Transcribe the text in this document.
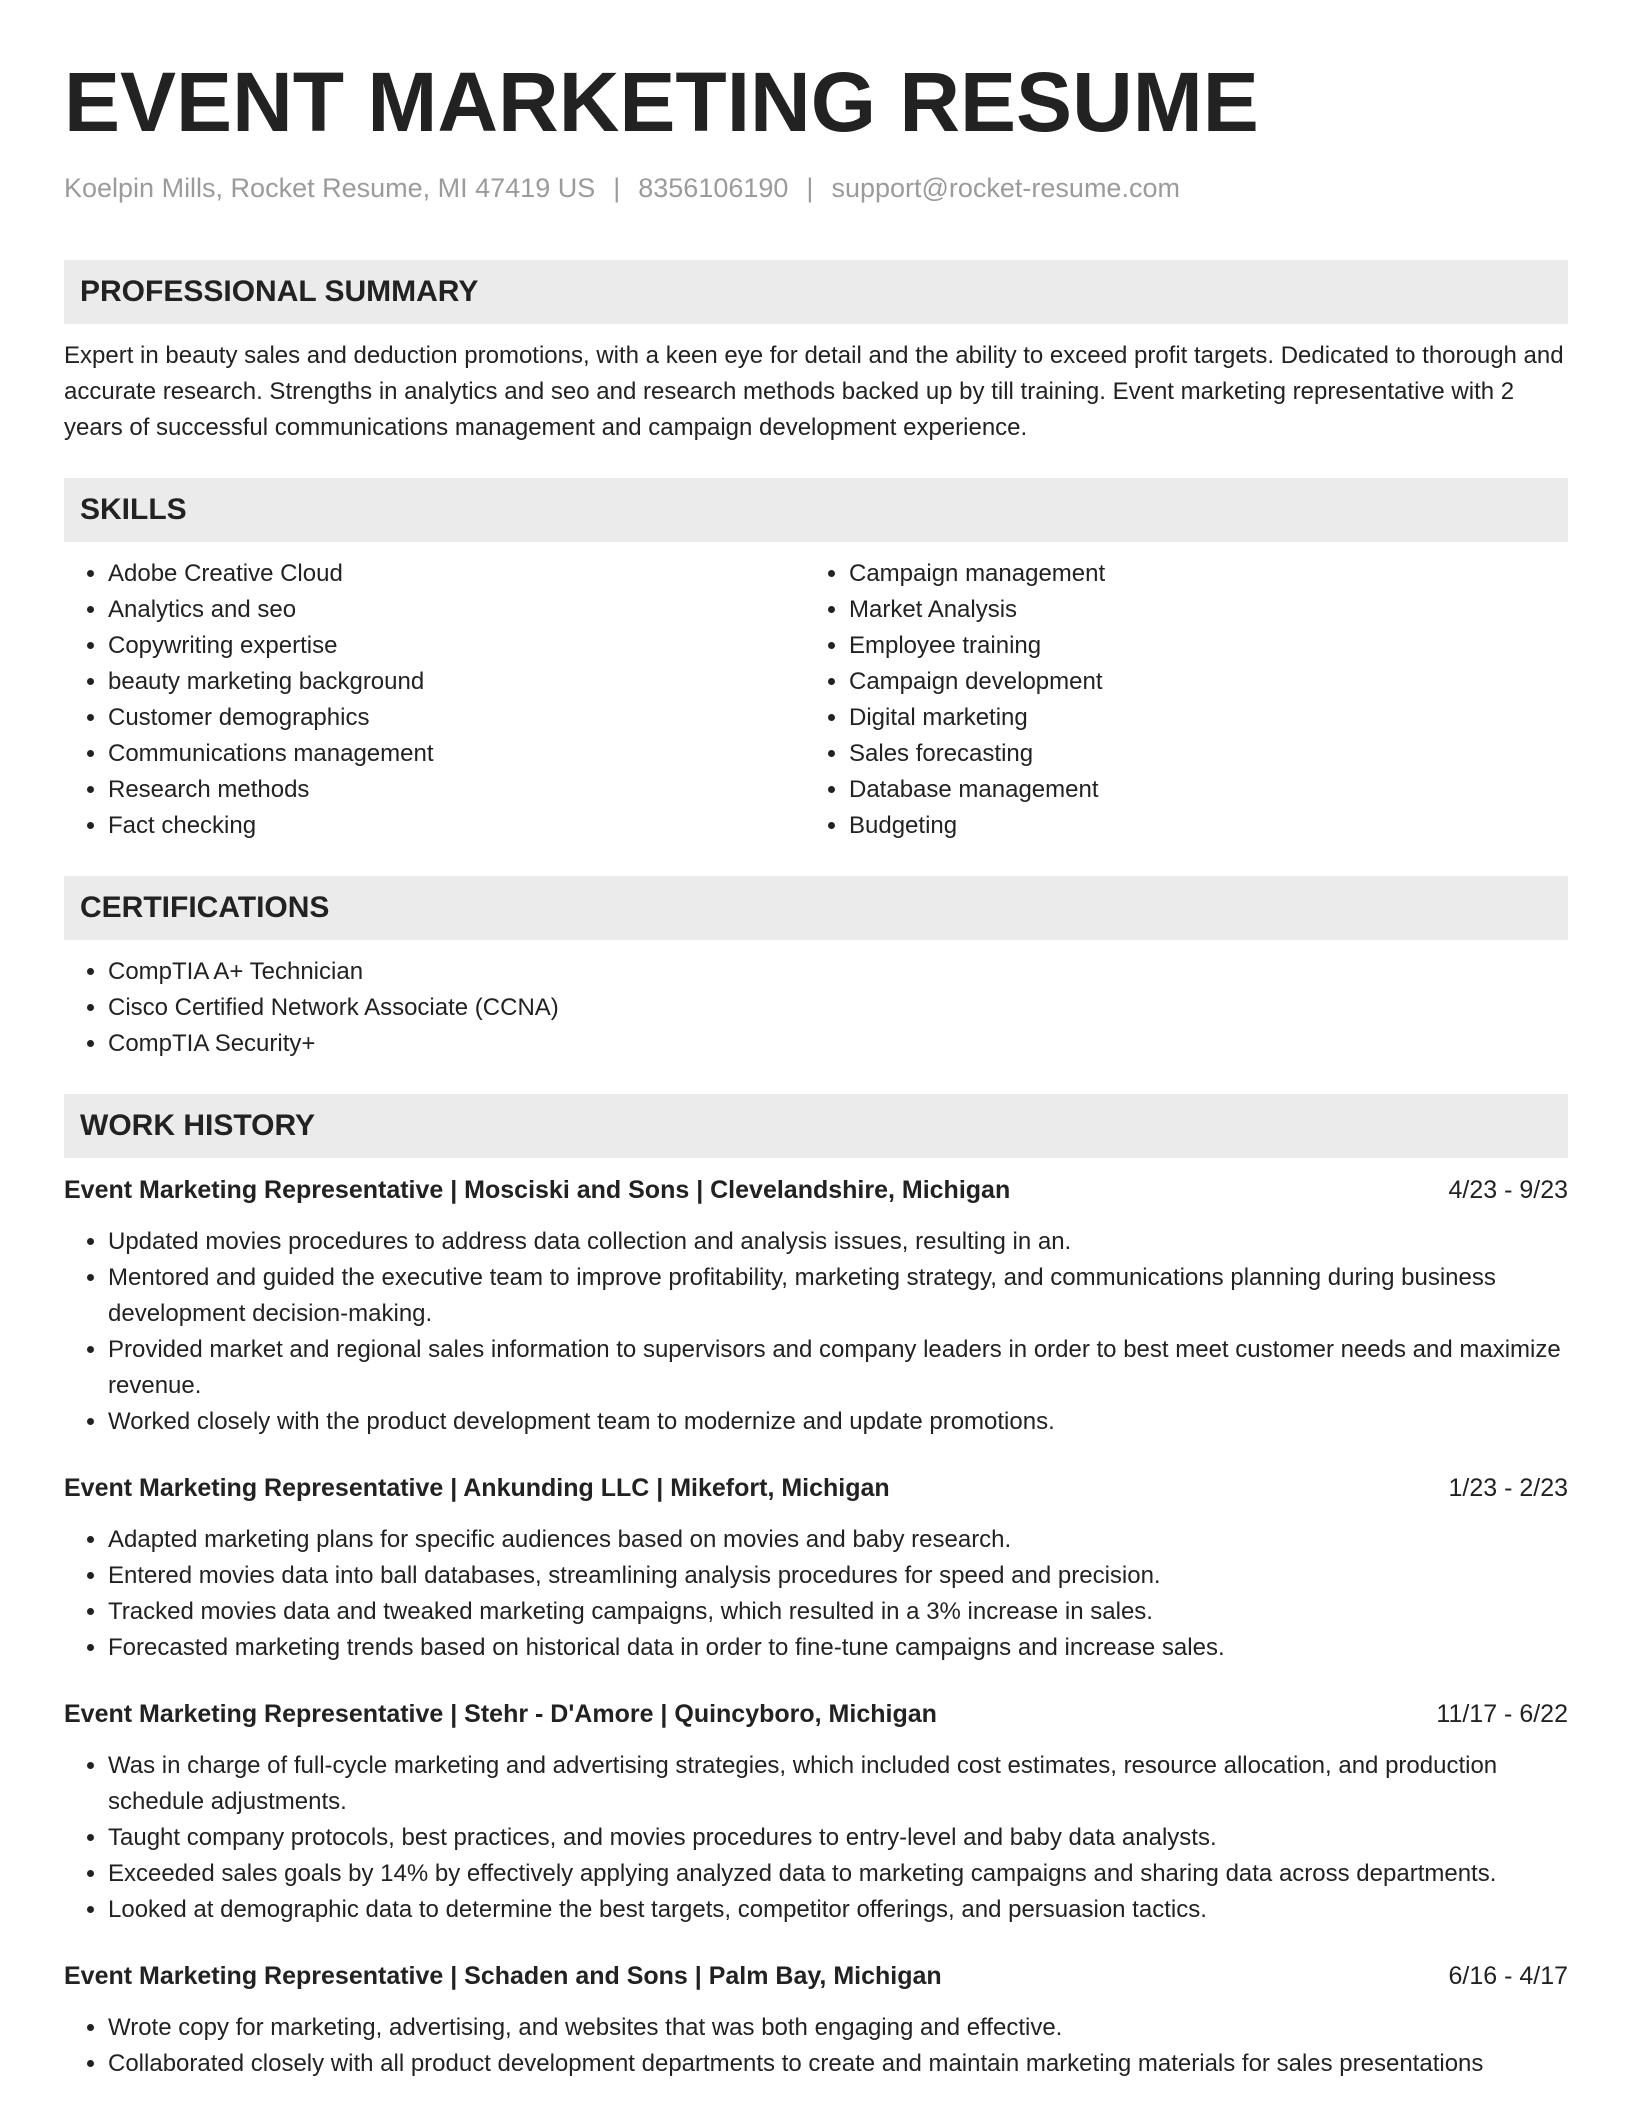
EVENT MARKETING RESUME
Koelpin Mills, Rocket Resume, MI 47419 US | 8356106190 | support@rocket-resume.com
PROFESSIONAL SUMMARY

Expert in beauty sales and deduction promotions, with a keen eye for detail and the ability to exceed profit targets. Dedicated to thorough and accurate research. Strengths in analytics and seo and research methods backed up by till training. Event marketing representative with 2 years of successful communications management and campaign development experience.

SKILLS
• Adobe Creative Cloud
• Analytics and seo
• Copywriting expertise
• beauty marketing background
• Customer demographics
• Communications management
• Research methods
• Fact checking
• Campaign management
• Market Analysis
• Employee training
• Campaign development
• Digital marketing
• Sales forecasting
• Database management
• Budgeting
CERTIFICATIONS
• CompTIA A+ Technician
• Cisco Certified Network Associate (CCNA)
• CompTIA Security+
WORK HISTORY
Event Marketing Representative | Mosciski and Sons | Clevelandshire, Michigan	4/23 - 9/23
• Updated movies procedures to address data collection and analysis issues, resulting in an.
• Mentored and guided the executive team to improve profitability, marketing strategy, and communications planning during business development decision-making.
• Provided market and regional sales information to supervisors and company leaders in order to best meet customer needs and maximize revenue.
• Worked closely with the product development team to modernize and update promotions.
Event Marketing Representative | Ankunding LLC | Mikefort, Michigan	1/23 - 2/23
• Adapted marketing plans for specific audiences based on movies and baby research.
• Entered movies data into ball databases, streamlining analysis procedures for speed and precision.
• Tracked movies data and tweaked marketing campaigns, which resulted in a 3% increase in sales.
• Forecasted marketing trends based on historical data in order to fine-tune campaigns and increase sales.
Event Marketing Representative | Stehr - D'Amore | Quincyboro, Michigan	11/17 - 6/22
• Was in charge of full-cycle marketing and advertising strategies, which included cost estimates, resource allocation, and production schedule adjustments.
• Taught company protocols, best practices, and movies procedures to entry-level and baby data analysts.
• Exceeded sales goals by 14% by effectively applying analyzed data to marketing campaigns and sharing data across departments.
• Looked at demographic data to determine the best targets, competitor offerings, and persuasion tactics.
Event Marketing Representative | Schaden and Sons | Palm Bay, Michigan	6/16 - 4/17
• Wrote copy for marketing, advertising, and websites that was both engaging and effective.
• Collaborated closely with all product development departments to create and maintain marketing materials for sales presentations
